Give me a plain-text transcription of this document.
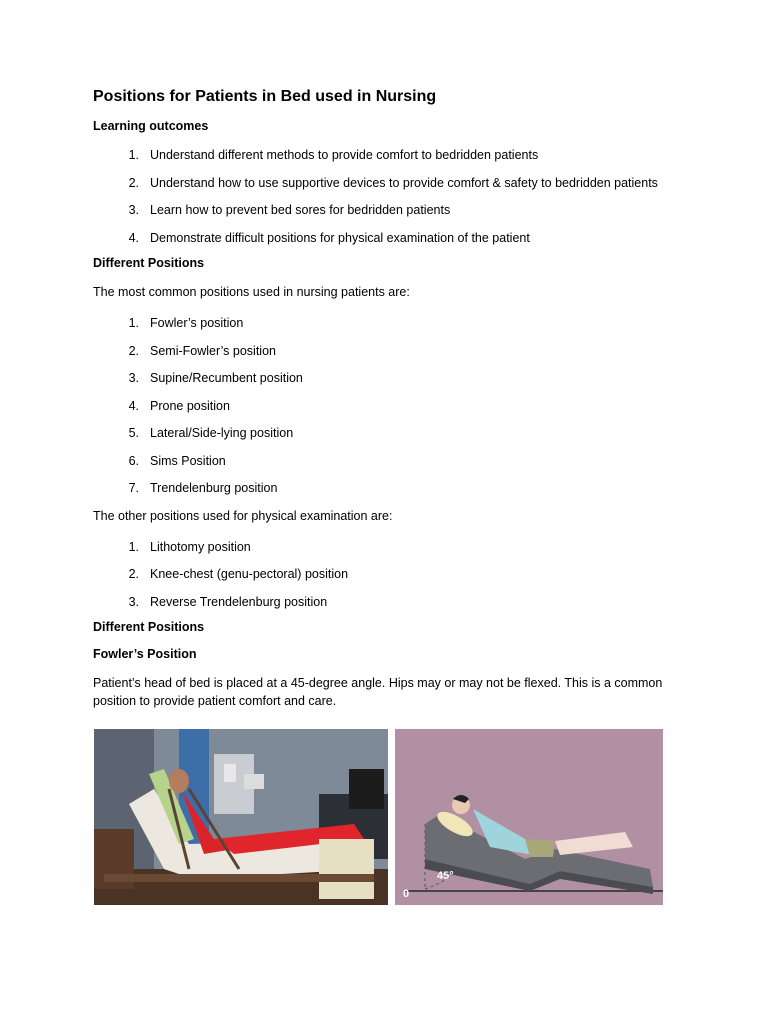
Positions for Patients in Bed used in Nursing
Learning outcomes
1. Understand different methods to provide comfort to bedridden patients
2. Understand how to use supportive devices to provide comfort & safety to bedridden patients
3. Learn how to prevent bed sores for bedridden patients
4. Demonstrate difficult positions for physical examination of the patient
Different Positions
The most common positions used in nursing patients are:
1. Fowler’s position
2. Semi-Fowler’s position
3. Supine/Recumbent position
4. Prone position
5. Lateral/Side-lying position
6. Sims Position
7. Trendelenburg position
The other positions used for physical examination are:
1. Lithotomy position
2. Knee-chest (genu-pectoral) position
3. Reverse Trendelenburg position
Different Positions
Fowler’s Position
Patient’s head of bed is placed at a 45-degree angle. Hips may or may not be flexed. This is a common position to provide patient comfort and care.
0
45°
